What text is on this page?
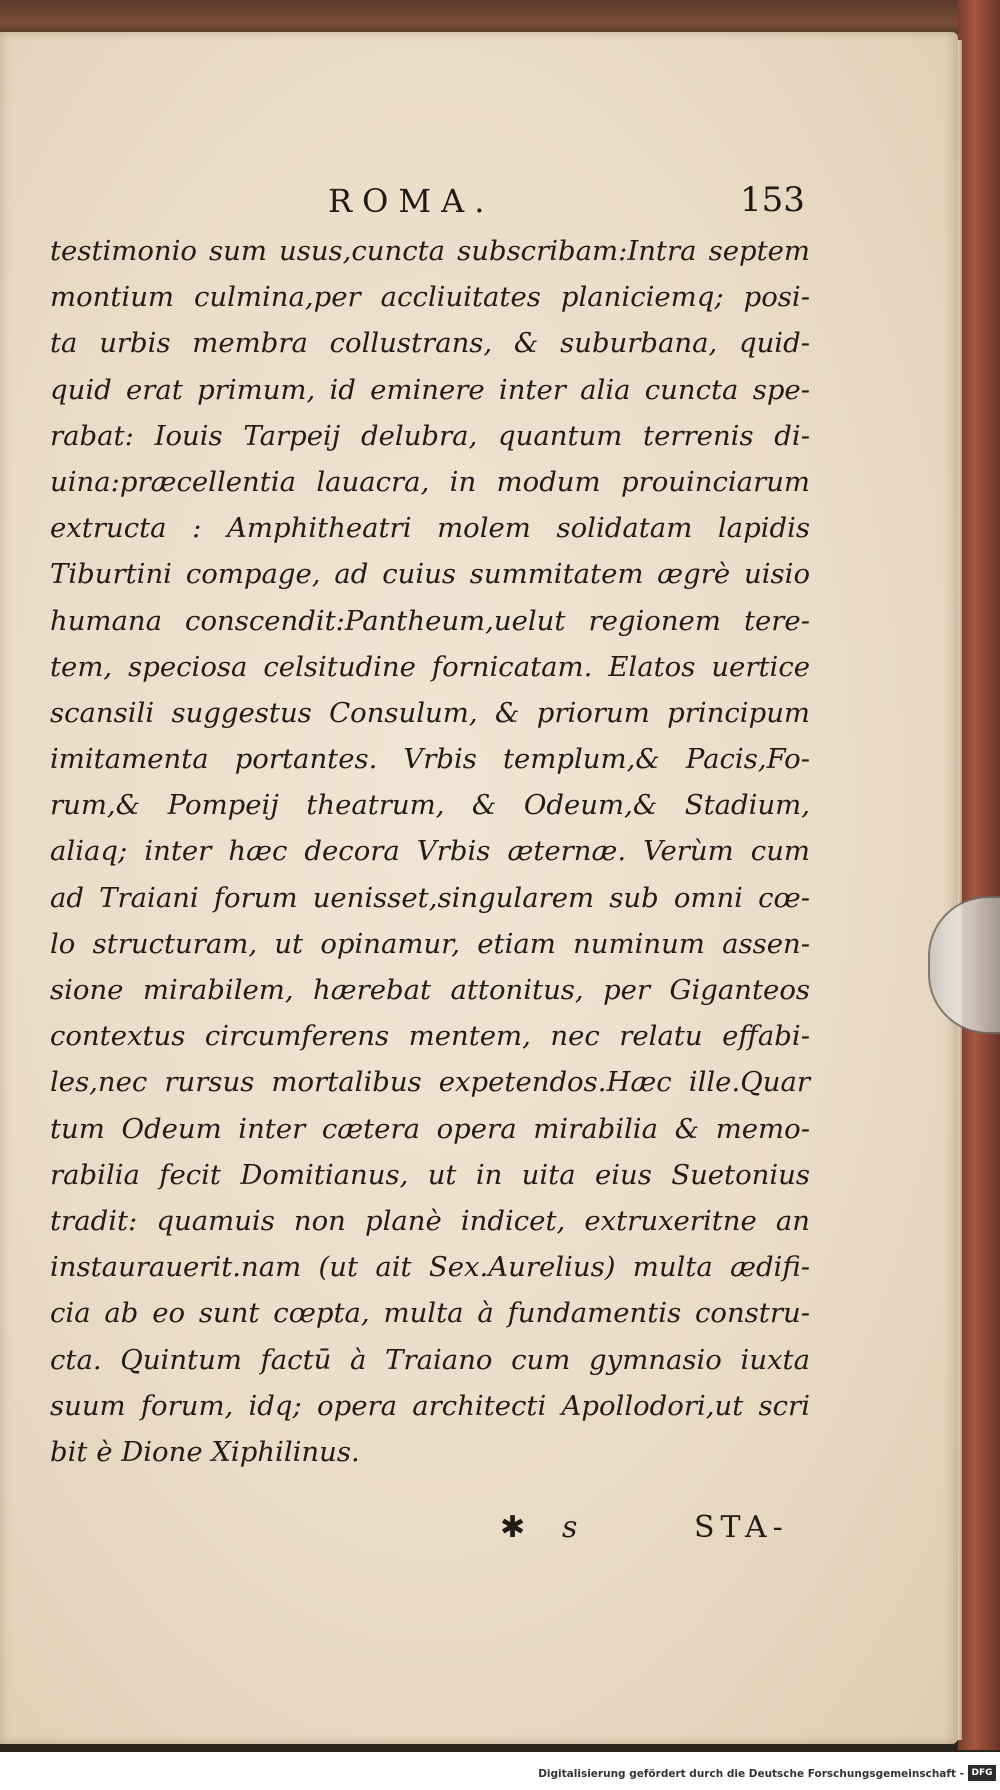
ROMA.	153
testimonio sum usus,cuncta subscribam:Intra septem
montium culmina,per accliuitates planiciemq; posi-
ta urbis membra collustrans, & suburbana, quid-
quid erat primum, id eminere inter alia cuncta spe-
rabat: Iouis Tarpeij delubra, quantum terrenis di-
uina:præcellentia lauacra, in modum prouinciarum
extructa : Amphitheatri molem solidatam lapidis
Tiburtini compage, ad cuius summitatem ægrè uisio
humana conscendit:Pantheum,uelut regionem tere-
tem, speciosa celsitudine fornicatam. Elatos uertice
scansili suggestus Consulum, & priorum principum
imitamenta portantes. Vrbis templum,& Pacis,Fo-
rum,& Pompeij theatrum, & Odeum,& Stadium,
aliaq; inter hæc decora Vrbis æternæ. Verùm cum
ad Traiani forum uenisset,singularem sub omni cœ-
lo structuram, ut opinamur, etiam numinum assen-
sione mirabilem, hærebat attonitus, per Giganteos
contextus circumferens mentem, nec relatu effabi-
les,nec rursus mortalibus expetendos.Hæc ille.Quar
tum Odeum inter cætera opera mirabilia & memo-
rabilia fecit Domitianus, ut in uita eius Suetonius
tradit: quamuis non planè indicet, extruxeritne an
instaurauerit.nam (ut ait Sex.Aurelius) multa ædifi-
cia ab eo sunt cœpta, multa à fundamentis constru-
cta. Quintum factū à Traiano cum gymnasio iuxta
suum forum, idq; opera architecti Apollodori,ut scri
bit è Dione Xiphilinus.
✱ s	STA-
Digitalisierung gefördert durch die Deutsche Forschungsgemeinschaft - DFG
